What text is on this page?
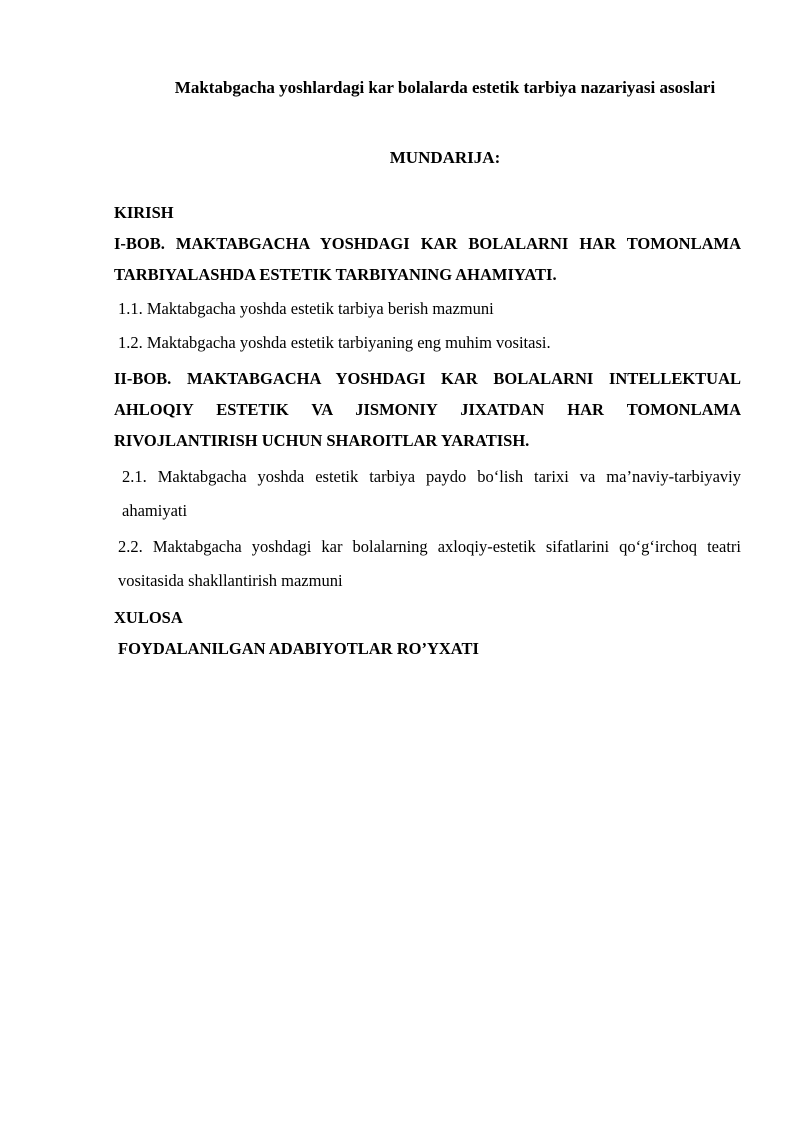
Maktabgacha yoshlardagi kar bolalarda estetik tarbiya nazariyasi asoslari
MUNDARIJA:

KIRISH

I-BOB. MAKTABGACHA YOSHDAGI KAR BOLALARNI HAR TOMONLAMA TARBIYALASHDA ESTETIK TARBIYANING AHAMIYATI.

1.1. Maktabgacha yoshda estetik tarbiya berish mazmuni

1.2. Maktabgacha yoshda estetik tarbiyaning eng muhim vositasi.

II-BOB. MAKTABGACHA YOSHDAGI KAR BOLALARNI INTELLEKTUAL AHLOQIY ESTETIK VA JISMONIY JIXATDAN HAR TOMONLAMA RIVOJLANTIRISH UCHUN SHAROITLAR YARATISH.

2.1. Maktabgacha yoshda estetik tarbiya paydo bo‘lish tarixi va ma’naviy-tarbiyaviy ahamiyati

2.2. Maktabgacha yoshdagi kar bolalarning axloqiy-estetik sifatlarini qo‘g‘irchoq teatri vositasida shakllantirish mazmuni

XULOSA

FOYDALANILGAN ADABIYOTLAR RO’YXATI
